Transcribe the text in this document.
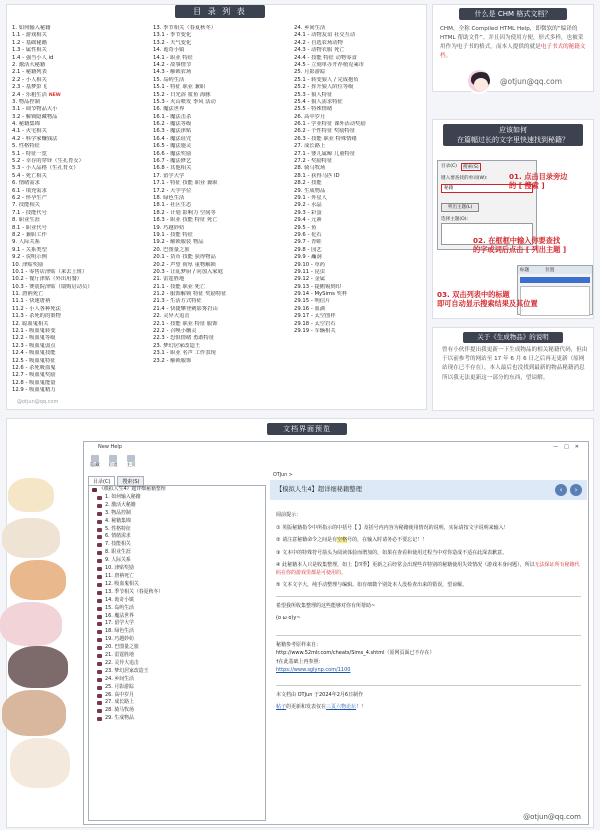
目 录 列 表
1. 如何输入秘籍
1.1 - 游戏相关
1.2 - 基础秘籍
1.3 - 属性相关
1.4 - 强当小人 id
2. 激活大秘籍
2.1 - 秘籍列表
2.2 - 小人相关
2.3 - 基梦彭飞
2.4 - 乐租生活 NEW
3. 物品控制
3.1 - 调节物品大小
3.2 - 解锁隐藏物品
4. 秘籍集锦
4.1 - 火宅相关
4.2 - 科学家赚钱法
5. 性格特征
5.1 - 特征一览
5.2 - 幸存的穿铎（生孔育女）
5.3 - 小人品格（生孔育女）
5.4 - 死亡相关
6. 情绪需求
6.1 - 填充需求
6.2 - 怀孕生产
7. 技能相关
7.1 - 技能代号
8. 职业生涯
8.1 - 职业代号
8.2 - 兼职工作
9. 人际关系
9.1 - 关系类型
9.2 - 说明示例
10. 津贴奖励
10.1 - 零售店津贴（来去上班）
10.2 - 餐厅津贴（外出用餐）
10.3 - 赛震院津贴（瑞购启动员）
11. 唐衲死亡
11.1 - 快速唐衲
11.2 - 小人各种死法
11.3 - 杀死的的策物
12. 聪血鬼相关
12.1 - 吸血鬼转变
12.2 - 吸血鬼等级
12.3 - 吸血鬼弱点
12.4 - 吸血鬼技能
12.5 - 吸血鬼特征
12.6 - 杀死吸血鬼
12.7 - 吸血鬼奖励
12.8 - 吸血鬼能量
12.9 - 吸血鬼精力
13. 季节相关（春夏秋冬）
13.1 - 季节变化
13.2 - 天气变化
14. 诡奇小镇
14.1 - 职业 特征
14.2 - 故事情节
14.3 - 解锁农场
15. 岛屿生活
15.1 - 特征 职业 兼职
15.2 - 日光浴 鲨鱼 海豚
15.3 - 火山喷发 季风 活动
16. 魔法世界
16.1 - 魔法击杀
16.2 - 魔法等级
16.3 - 魔法津贴
16.4 - 魔法诅咒
16.5 - 魔法施灵
16.6 - 魔法奖励
16.7 - 魔法修艺
16.8 - 其他相关
17. 留学大学
17.1 - 特征 技能 职业 兼职
17.2 - 大学学位
18. 绿色生活
18.1 - 社区生态
18.2 - 计划 影响力 空间等
18.3 - 职业 技能 特征 死亡
19. 巧越妙妨
19.1 - 技能 特征
19.2 - 解锁服装 物品
20. 巴图量之旅
20.1 - 货币 技能 获得物品
20.2 - 声望 荷厚 重物解锁
20.3 - 让乱梦厨 / 向加入家庭
21. 雷霆胜地
21.1 - 技能 职业 死亡
21.2 - 服饰解锁 特征 奖励特征
21.3 - 生活方式特征
21.4 - 快捷攀登刺影雾岩山
22. 灵异大追击
22.1 - 技能 职业 特征 服饰
22.2 - 召唤小幽灵
22.3 - 恐惧情绪 勇敢特征
23. 梦幻居家改造王
23.1 - 职业 名声 工作表现
23.2 - 解锁服饰
24. 乡间生活
24.1 - 动物友谊 社交互动
24.2 - 自选农场动物
24.3 - 动物衣服 死亡
24.4 - 技能 特征 动物零食
24.5 - 立刻单办开荐植克乘市
25. 月影游踪
25.1 - 转变狼人 / 完成抱负
25.2 - 挥升狼人阶位等级
25.3 - 狼人特征
25.4 - 狼人需求特征
25.5 - 特殊情绪
26. 高中岁月
26.1 - 学业特征 课外活动奖励
26.2 - 个性特征 奖励特征
26.3 - 技能 职业 特殊情绪
27. 成长路上
27.1 - 婴儿属鲸 儿童特征
27.2 - 奖励特征
28. 骑马牧场
28.1 - 获得马匹 ID
28.2 - 技能
29. 生成物品
29.1 - 外星人
29.2 - 水晶
29.3 - 彩蛋
29.4 - 元素
29.5 - 鱼
29.6 - 化石
29.7 - 青蛙
29.8 - 园艺
29.9 - 矗洞
29.10 - 草药
29.11 - 昆虫
29.12 - 金属
29.13 - 提鹅锡到印
29.14 - MySims 奖杯
29.15 - 明信片
29.16 - 血滴
29.17 - 太空图样
29.18 - 太空岩石
29.19 - 车辆相关
@otjun@qq.com
什么是 CHM 格式文档？
CHM，全称 Compiled HTML Help，即微软的“编译的 HTML 帮助文件”。并且因为使用方便，形式多样，也被采用作为电子书的格式。而本人提供的就是电子书式的秘籍文档。
@otjun@qq.com
应该如何
在篇幅过长的文字里快速找到秘籍？
目录(C)	搜索(S)
键入要查找的单词(W):
秘籍
列出主题(L)
选择主题(O):
标题	位置
01. 点击目录旁边
的 [ 搜索 ]
02. 在框框中输入你要查找
的字或词后点击 [ 列出主题 ]
03. 双击列表中的标题
即可自动显示搜索结果及其位置
关于《生成物品》的说明
曾有小伙伴提出我更新一下生成物品的相关秘籍代码，但由于以前参考的网站至 17 年 6 月 6 日之后再无更新（原网站现在已不存在），本人最后也没找到最新的物品秘籍消息所以我无法更新这一部分的东西，望谅解。
文档界面预览
New Help	—□✕
隐藏	后退	主页
目录(C)	搜索(S)
《模拟人生4》超详细秘籍整理
1. 如何输入秘籍
2. 激活大秘籍
3. 物品控制
4. 秘籍集锦
5. 性格特征
6. 情绪需求
7. 技能相关
8. 职业生涯
9. 人际关系
10. 津贴奖励
11. 唐衲死亡
12. 吸血鬼相关
13. 季节相关（春夏秋冬）
14. 诡奇小镇
15. 岛屿生活
16. 魔法世界
17. 留学大学
18. 绿色生活
19. 巧越妙妨
20. 巴图量之旅
21. 雷霆胜地
22. 灵异大追击
23. 梦幻居家改造王
24. 乡间生活
25. 月影游踪
26. 高中岁月
27. 成长路上
28. 骑马牧场
29. 生成物品
OTJun >
【模拟人生4】超详细秘籍整理	‹	›

阅前提示：

① 英版秘籍指令中所指示的中括号【 】及括号内内容为秘籍使用情况的说明，实际请按文字说明来输入！

② 请注意秘籍命令之间是有空格号的，在输入时请务必不要忘记！！

③ 文本中的特殊符号箭头为阅读体验而增加的，如果在查看和使用过程当中对你造成不适在此深表歉意。

④ 此秘籍本人只是收集整理，如上【四季】更新之后经常会出现些许特别的秘籍使用失效情况（游戏本身问题），所以无法保证所有秘籍代码在你的游戏里都是可使用的。

⑤ 文本文字大，纯手动整理与编辑。如有细微个别处本人没检查出来的错误，望谅解。

希望我所收集整理的这些能够对你有所帮助~

(o ω o)y~

秘籍参考原样来自：

http://www.52mlr.com/cheats/Sims_4.shtml（原网页面已不存在）

†在此基础上再参照：

https://www.sglynp.com/1100

本文档由 OTJun 于2024年2月6日制作

帖子的更新和发表仅在三页六物论坛！！

@otjun@qq.com
